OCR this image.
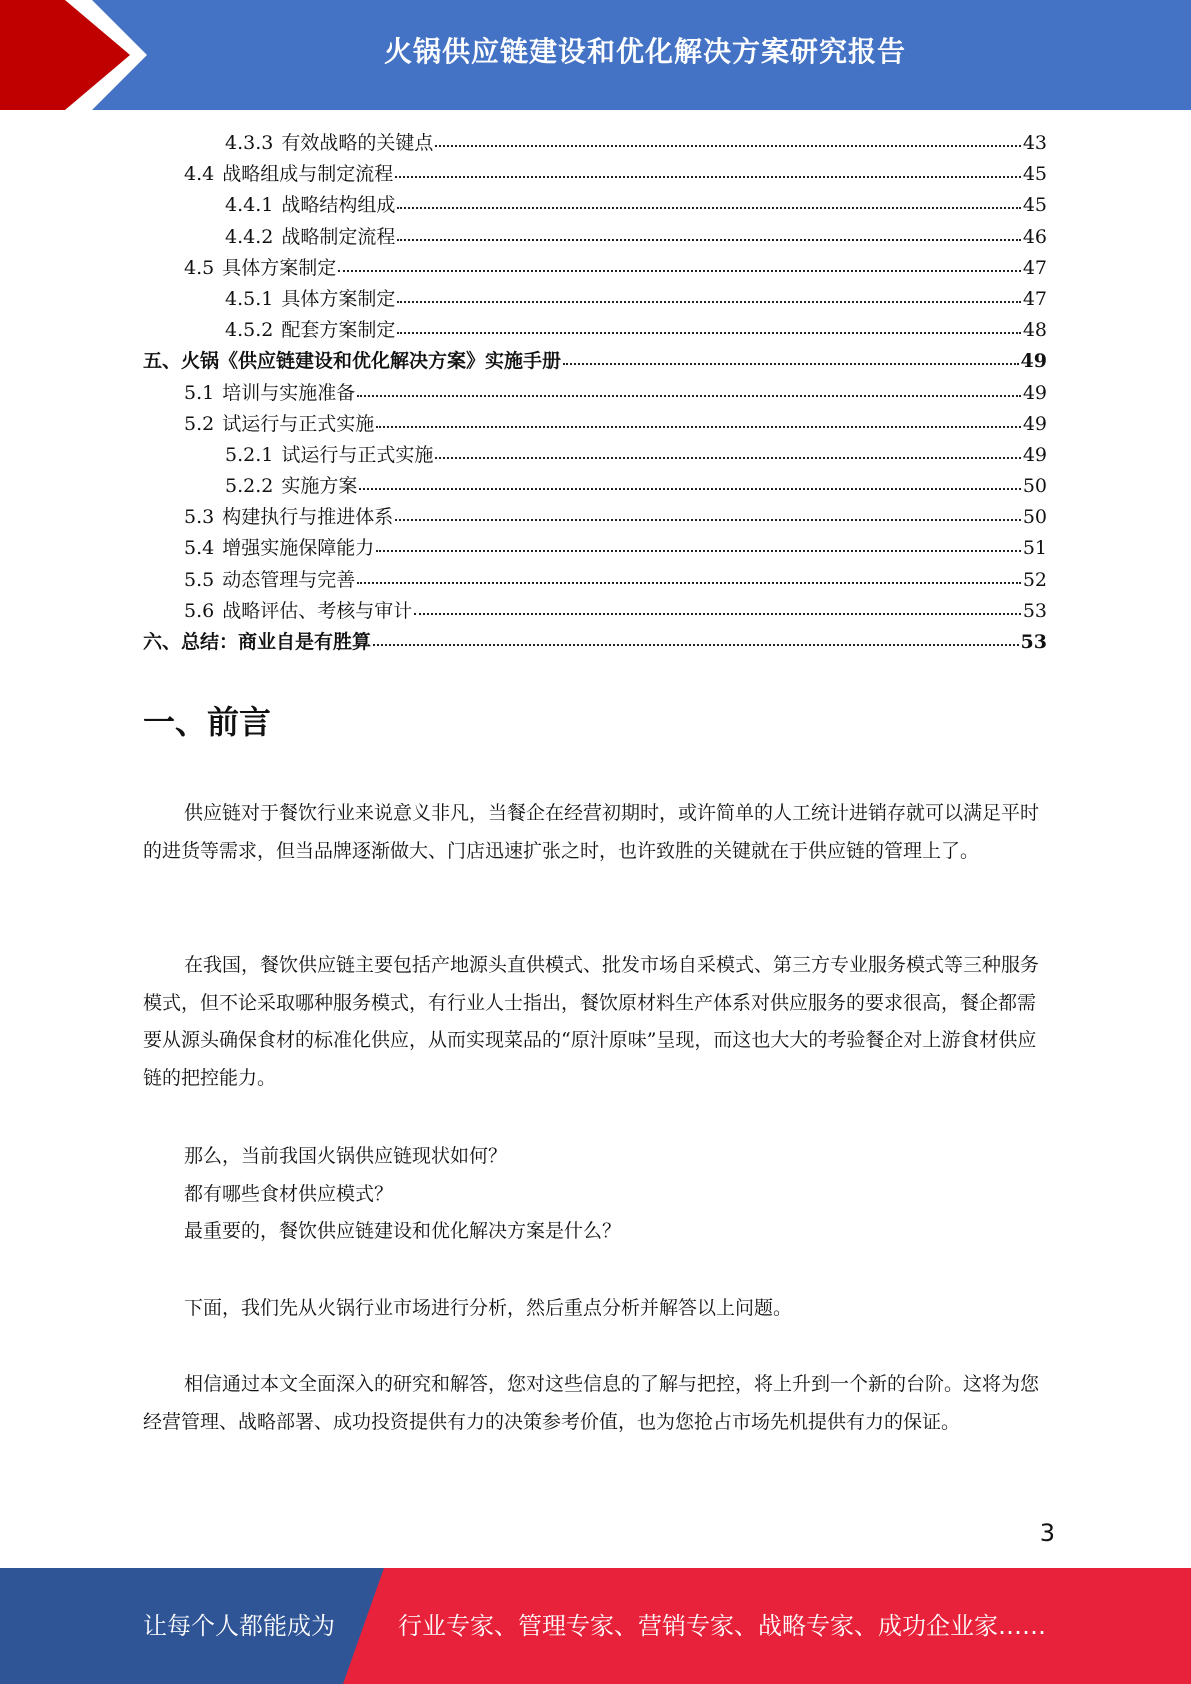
火锅供应链建设和优化解决方案研究报告
4.3.3 有效战略的关键点	43
4.4 战略组成与制定流程	45
4.4.1 战略结构组成	45
4.4.2 战略制定流程	46
4.5 具体方案制定	47
4.5.1 具体方案制定	47
4.5.2 配套方案制定	48
五、火锅《供应链建设和优化解决方案》实施手册	49
5.1 培训与实施准备	49
5.2 试运行与正式实施	49
5.2.1 试运行与正式实施	49
5.2.2 实施方案	50
5.3 构建执行与推进体系	50
5.4 增强实施保障能力	51
5.5 动态管理与完善	52
5.6 战略评估、考核与审计	53
六、总结：商业自是有胜算	53
一、前言

供应链对于餐饮行业来说意义非凡，当餐企在经营初期时，或许简单的人工统计进销存就可以满足平时的进货等需求，但当品牌逐渐做大、门店迅速扩张之时，也许致胜的关键就在于供应链的管理上了。

在我国，餐饮供应链主要包括产地源头直供模式、批发市场自采模式、第三方专业服务模式等三种服务模式，但不论采取哪种服务模式，有行业人士指出，餐饮原材料生产体系对供应服务的要求很高，餐企都需要从源头确保食材的标准化供应，从而实现菜品的“原汁原味”呈现，而这也大大的考验餐企对上游食材供应链的把控能力。

那么，当前我国火锅供应链现状如何？

都有哪些食材供应模式？

最重要的，餐饮供应链建设和优化解决方案是什么？

下面，我们先从火锅行业市场进行分析，然后重点分析并解答以上问题。

相信通过本文全面深入的研究和解答，您对这些信息的了解与把控，将上升到一个新的台阶。这将为您经营管理、战略部署、成功投资提供有力的决策参考价值，也为您抢占市场先机提供有力的保证。

3
让每个人都能成为	行业专家、管理专家、营销专家、战略专家、成功企业家……
